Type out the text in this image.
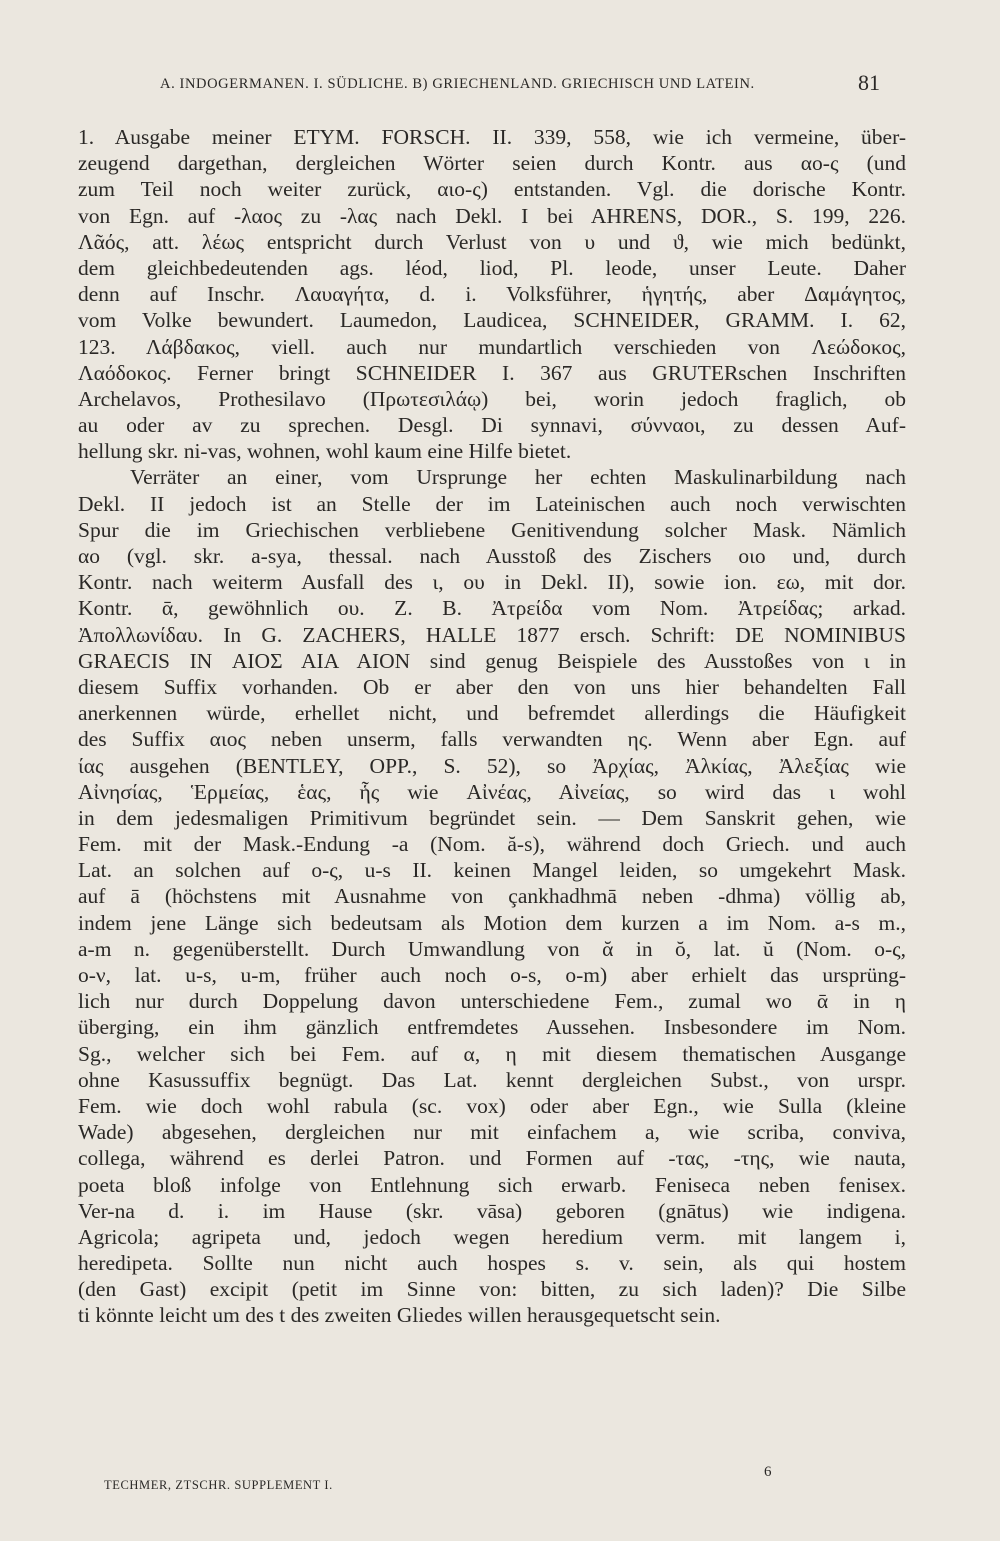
A. INDOGERMANEN. I. SÜDLICHE. B) GRIECHENLAND. GRIECHISCH UND LATEIN.	81
1. Ausgabe meiner ETYM. FORSCH. II. 339, 558, wie ich vermeine, über-
zeugend dargethan, dergleichen Wörter seien durch Kontr. aus αο-ς (und
zum Teil noch weiter zurück, αιο-ς) entstanden. Vgl. die dorische Kontr.
von Egn. auf -λαος zu -λας nach Dekl. I bei AHRENS, DOR., S. 199, 226.
Λᾶός, att. λέως entspricht durch Verlust von υ und ϑ, wie mich bedünkt,
dem gleichbedeutenden ags. léod, liod, Pl. leode, unser Leute. Daher
denn auf Inschr. Λαυαγήτα, d. i. Volksführer, ἡγητής, aber Δαμάγητος,
vom Volke bewundert. Laumedon, Laudicea, SCHNEIDER, GRAMM. I. 62,
123. Λάβδακος, viell. auch nur mundartlich verschieden von Λεώδοκος,
Λαόδοκος. Ferner bringt SCHNEIDER I. 367 aus GRUTERschen Inschriften
Archelavos, Prothesilavo (Πρωτεσιλάῳ) bei, worin jedoch fraglich, ob
au oder av zu sprechen. Desgl. Di synnavi, σύνναοι, zu dessen Auf-
hellung skr. ni-vas, wohnen, wohl kaum eine Hilfe bietet.
Verräter an einer, vom Ursprunge her echten Maskulinarbildung nach
Dekl. II jedoch ist an Stelle der im Lateinischen auch noch verwischten
Spur die im Griechischen verbliebene Genitivendung solcher Mask. Nämlich
αο (vgl. skr. a-sya, thessal. nach Ausstoß des Zischers οιο und, durch
Kontr. nach weiterm Ausfall des ι, ου in Dekl. II), sowie ion. εω, mit dor.
Kontr. ᾱ, gewöhnlich ου. Z. B. Ἀτρείδα vom Nom. Ἀτρείδας; arkad.
Ἀπολλωνίδαυ. In G. ZACHERS, HALLE 1877 ersch. Schrift: DE NOMINIBUS
GRAECIS IN ΑΙΟΣ ΑΙΑ ΑΙΟΝ sind genug Beispiele des Ausstoßes von ι in
diesem Suffix vorhanden. Ob er aber den von uns hier behandelten Fall
anerkennen würde, erhellet nicht, und befremdet allerdings die Häufigkeit
des Suffix αιος neben unserm, falls verwandten ης. Wenn aber Egn. auf
ίας ausgehen (BENTLEY, OPP., S. 52), so Ἀρχίας, Ἀλκίας, Ἀλεξίας wie
Αἰνησίας, Ἑρμείας, ἑας, ἧς wie Αἰνέας, Αἰνείας, so wird das ι wohl
in dem jedesmaligen Primitivum begründet sein. — Dem Sanskrit gehen, wie
Fem. mit der Mask.-Endung -a (Nom. ă-s), während doch Griech. und auch
Lat. an solchen auf ο-ς, u-s II. keinen Mangel leiden, so umgekehrt Mask.
auf ā (höchstens mit Ausnahme von çankhadhmā neben -dhma) völlig ab,
indem jene Länge sich bedeutsam als Motion dem kurzen a im Nom. a-s m.,
a-m n. gegenüberstellt. Durch Umwandlung von ᾰ in ŏ, lat. ŭ (Nom. ο-ς,
ο-ν, lat. u-s, u-m, früher auch noch o-s, o-m) aber erhielt das ursprüng-
lich nur durch Doppelung davon unterschiedene Fem., zumal wo ᾱ in η
überging, ein ihm gänzlich entfremdetes Aussehen. Insbesondere im Nom.
Sg., welcher sich bei Fem. auf α, η mit diesem thematischen Ausgange
ohne Kasussuffix begnügt. Das Lat. kennt dergleichen Subst., von urspr.
Fem. wie doch wohl rabula (sc. vox) oder aber Egn., wie Sulla (kleine
Wade) abgesehen, dergleichen nur mit einfachem a, wie scriba, conviva,
collega, während es derlei Patron. und Formen auf -τας, -της, wie nauta,
poeta bloß infolge von Entlehnung sich erwarb. Feniseca neben fenisex.
Ver-na d. i. im Hause (skr. vāsa) geboren (gnātus) wie indigena.
Agricola; agripeta und, jedoch wegen heredium verm. mit langem i,
heredipeta. Sollte nun nicht auch hospes s. v. sein, als qui hostem
(den Gast) excipit (petit im Sinne von: bitten, zu sich laden)? Die Silbe
ti könnte leicht um des t des zweiten Gliedes willen herausgequetscht sein.
TECHMER, ZTSCHR. SUPPLEMENT I.
6
